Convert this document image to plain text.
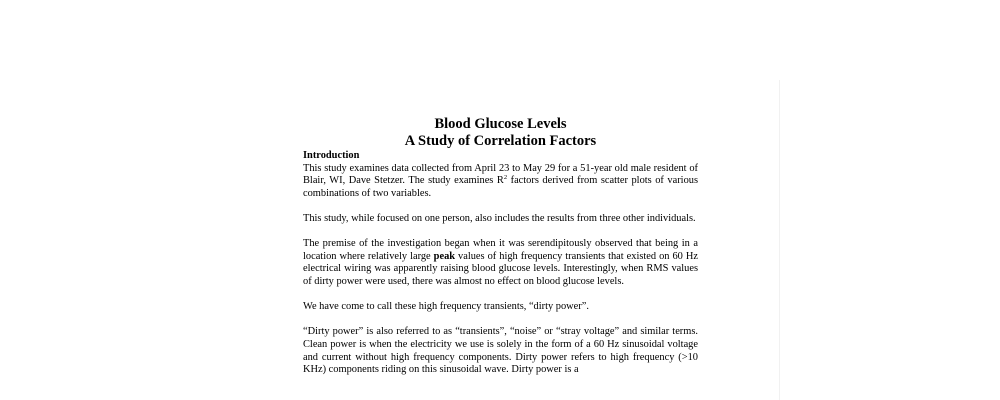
Blood Glucose Levels
A Study of Correlation Factors
Introduction

This study examines data collected from April 23 to May 29 for a 51-year old male resident of Blair, WI, Dave Stetzer. The study examines $R^2$ factors derived from scatter plots of various combinations of two variables.

This study, while focused on one person, also includes the results from three other individuals.

The premise of the investigation began when it was serendipitously observed that being in a location where relatively large peak values of high frequency transients that existed on 60 Hz electrical wiring was apparently raising blood glucose levels. Interestingly, when RMS values of dirty power were used, there was almost no effect on blood glucose levels.

We have come to call these high frequency transients, “dirty power”.

“Dirty power” is also referred to as “transients”, “noise” or “stray voltage” and similar terms. Clean power is when the electricity we use is solely in the form of a 60 Hz sinusoidal voltage and current without high frequency components. Dirty power refers to high frequency (>10 KHz) components riding on this sinusoidal wave. Dirty power is a
